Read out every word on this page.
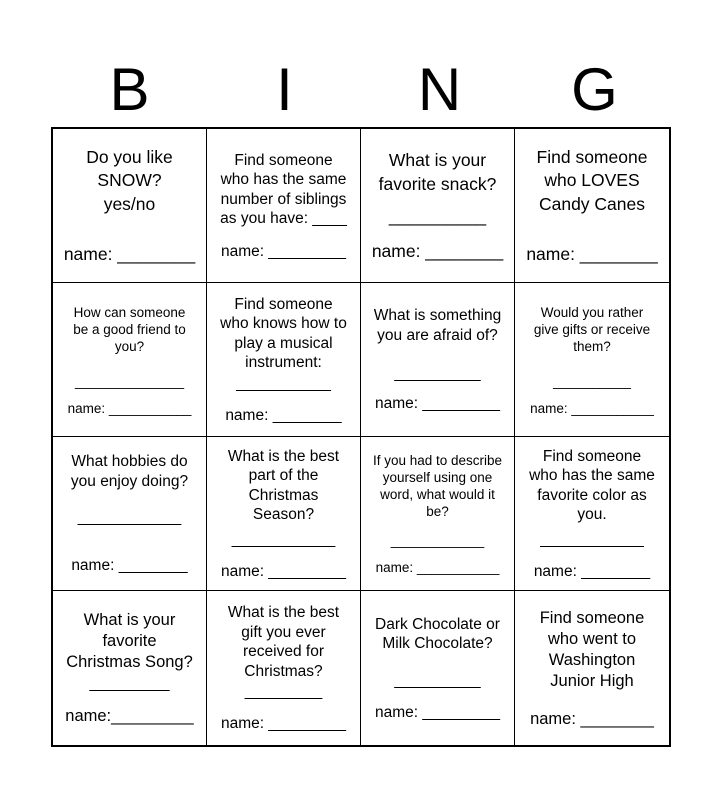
B	I	N	G
Do you like
SNOW?
yes/no
name: ________
Find someone
who has the same
number of siblings
as you have: ____
name: _________
What is your
favorite snack?
__________
name: ________
Find someone
who LOVES
Candy Canes
name: ________
How can someone
be a good friend to
you?
______________
name: ___________
Find someone
who knows how to
play a musical
instrument:
___________
name: ________
What is something
you are afraid of?
__________
name: _________
Would you rather
give gifts or receive
them?
__________
name: ___________
What hobbies do
you enjoy doing?
____________
name: ________
What is the best
part of the
Christmas
Season?
____________
name: _________
If you had to describe
yourself using one
word, what would it
be?
____________
name: ___________
Find someone
who has the same
favorite color as
you.
____________
name: ________
What is your
favorite
Christmas Song?
_________
name:_________
What is the best
gift you ever
received for
Christmas?
_________
name: _________
Dark Chocolate or
Milk Chocolate?
__________
name: _________
Find someone
who went to
Washington
Junior High
name: ________
